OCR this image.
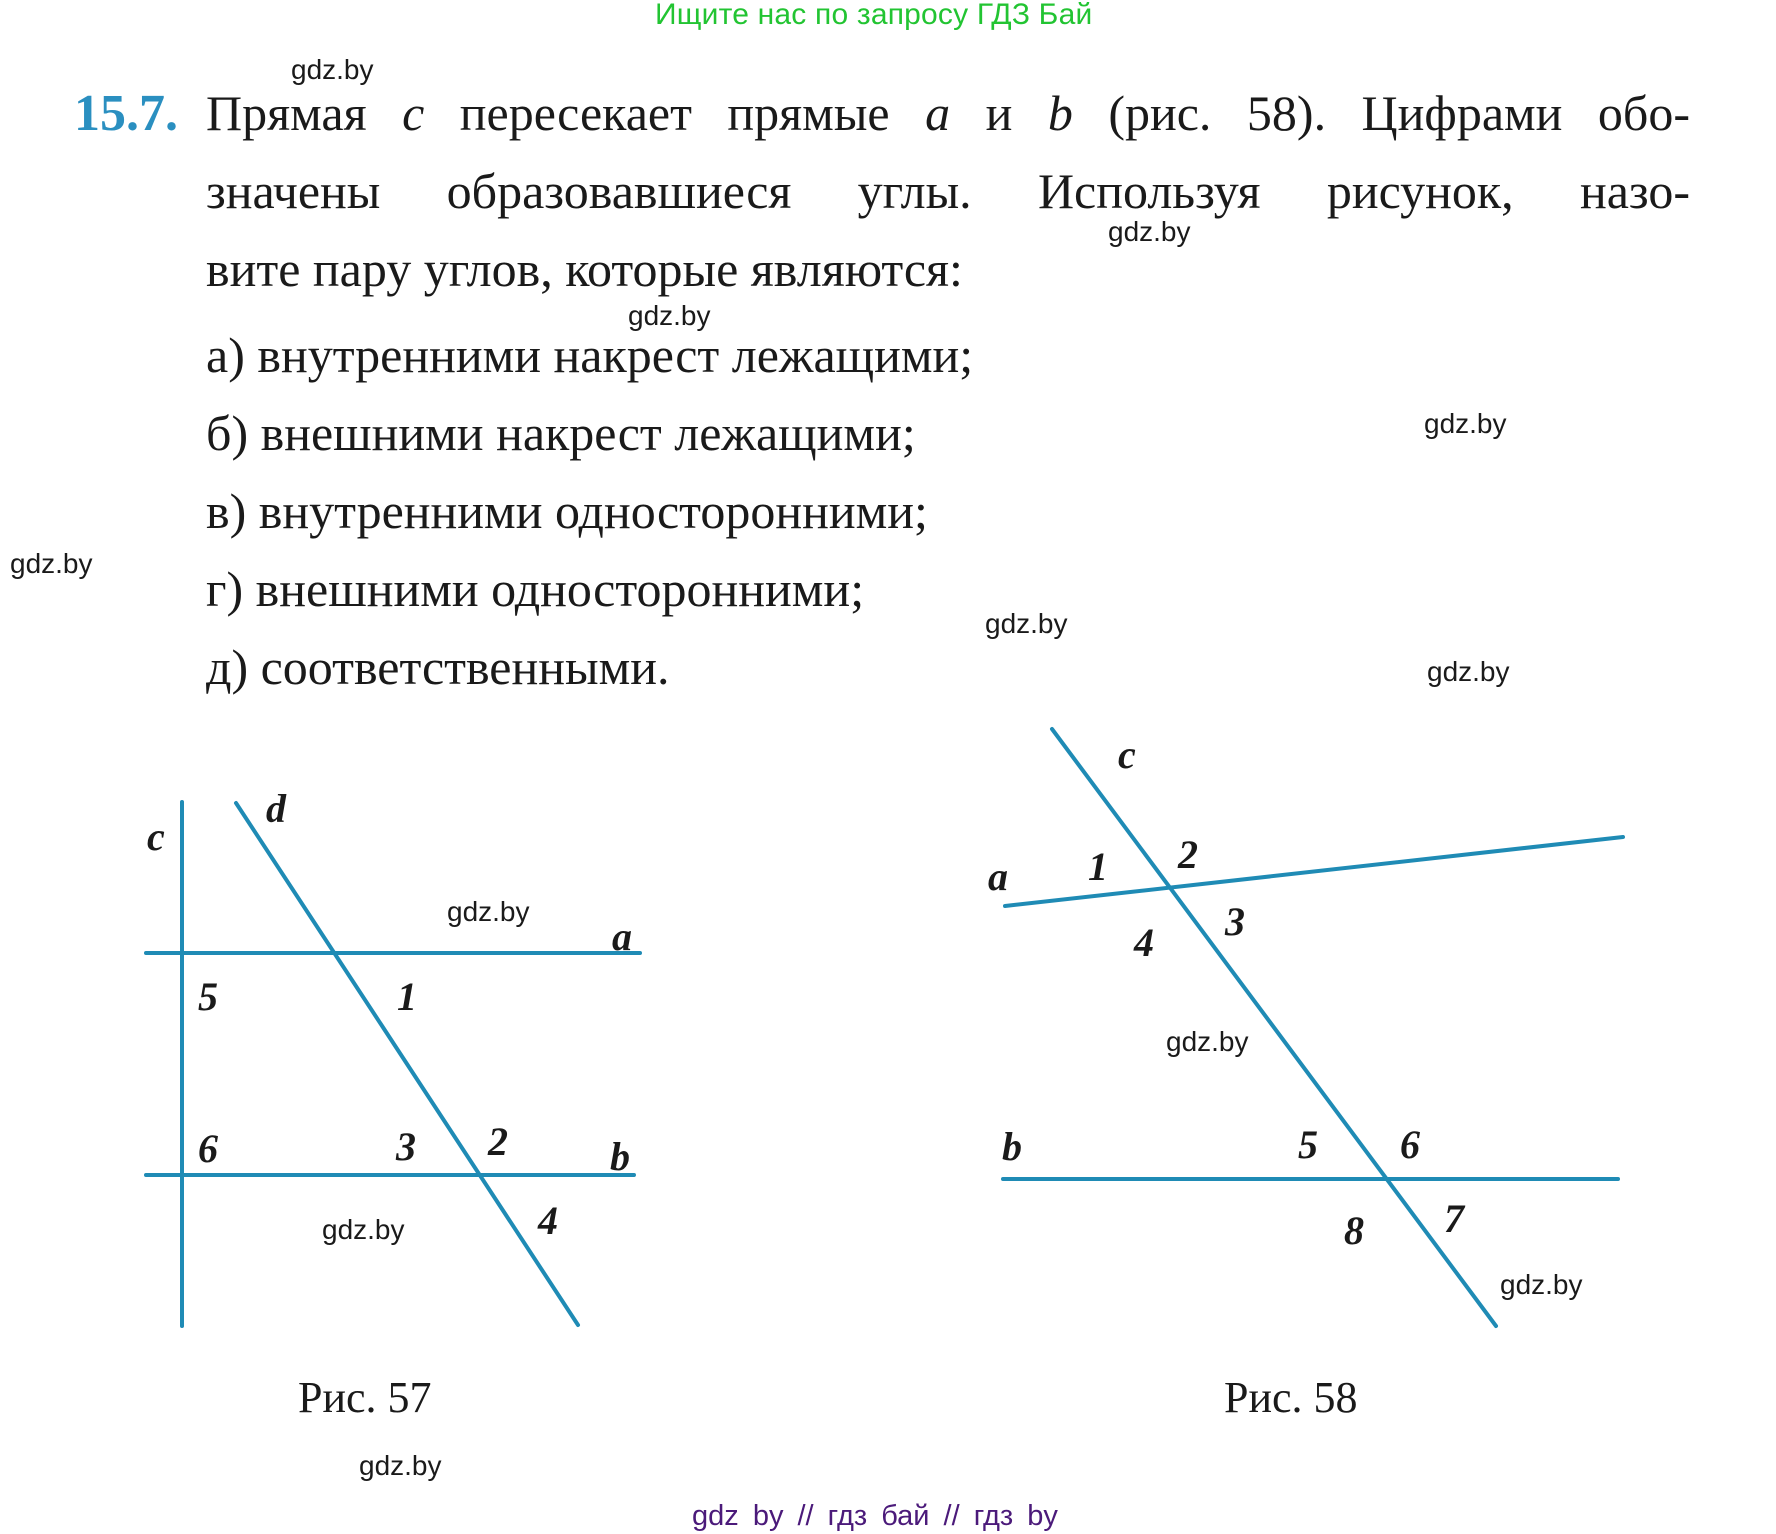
Ищите нас по запросу ГДЗ Бай
gdz.by
gdz.by
gdz.by
gdz.by
gdz.by
gdz.by
gdz.by
gdz.by
gdz.by
gdz.by
gdz.by
gdz.by
15.7. Прямая c пересекает прямые a и b (рис. 58). Цифрами обо-
значены образовавшиеся углы. Используя рисунок, назо-
вите пару углов, которые являются:
а) внутренними накрест лежащими;
б) внешними накрест лежащими;
в) внутренними односторонними;
г) внешними односторонними;
д) соответственными.
c
d
a
b
1
2
3
4
5
6
c
a
b
1 2
3
4
5 6
7
8
Рис. 57	Рис. 58
gdz by // гдз бай // гдз by
